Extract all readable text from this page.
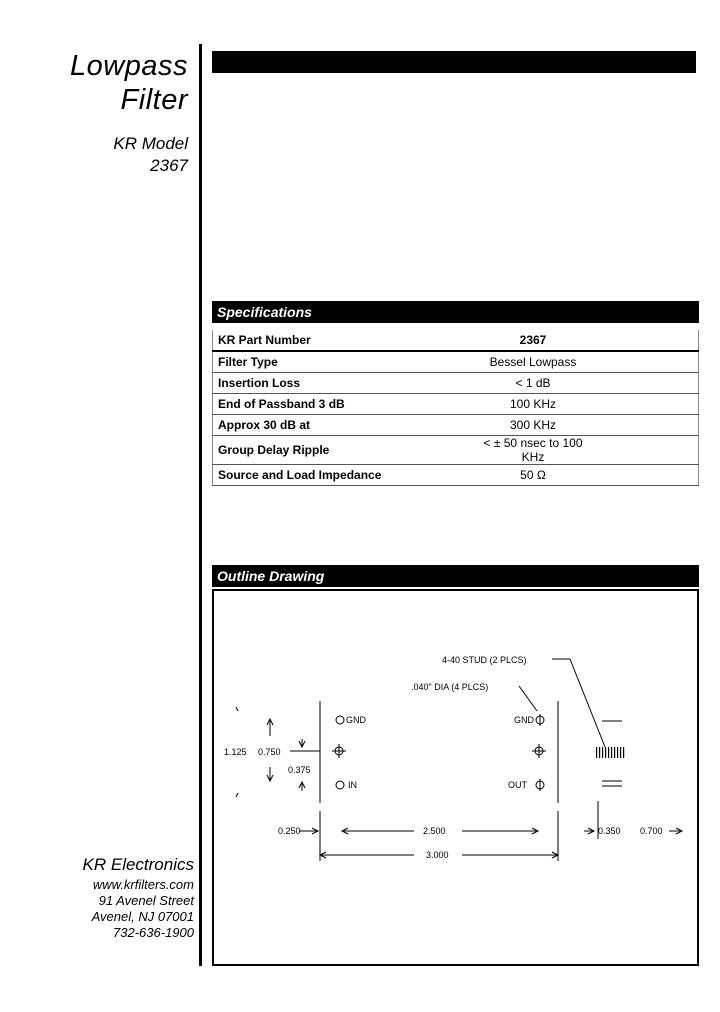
Lowpass
Filter
KR Model
2367
Specifications
KR Part Number	2367
Filter Type	Bessel Lowpass
Insertion Loss	< 1 dB
End of Passband 3 dB	100 KHz
Approx 30 dB at	300 KHz
Group Delay Ripple	< ± 50 nsec to 100 KHz
Source and Load Impedance	50 Ω
Outline Drawing
4-40 STUD (2 PLCS)
.040" DIA (4 PLCS)
GND	GND
IN	OUT
1.125 0.750
0.375
0.250	2.500
3.000
0.350 0.700
KR Electronics
www.krfilters.com
91 Avenel Street
Avenel, NJ 07001
732-636-1900
